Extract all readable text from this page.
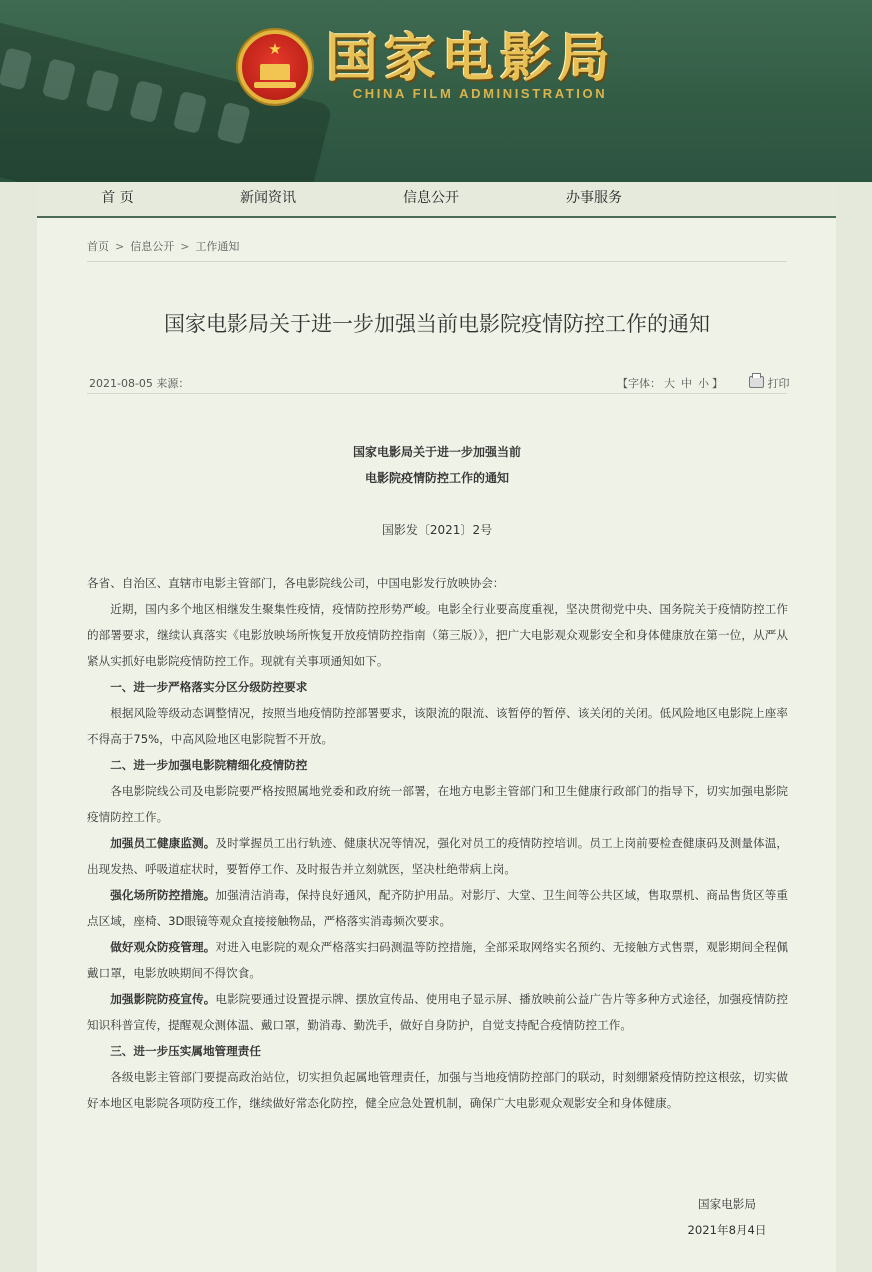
★ 国家电影局
CHINA FILM ADMINISTRATION
首 页	新闻资讯	信息公开	办事服务
首页 > 信息公开 > 工作通知
国家电影局关于进一步加强当前电影院疫情防控工作的通知
2021-08-05 来源：	【字体： 大 中 小 】	打印
国家电影局关于进一步加强当前
电影院疫情防控工作的通知
国影发〔2021〕2号

各省、自治区、直辖市电影主管部门，各电影院线公司，中国电影发行放映协会：

近期，国内多个地区相继发生聚集性疫情，疫情防控形势严峻。电影全行业要高度重视，坚决贯彻党中央、国务院关于疫情防控工作的部署要求，继续认真落实《电影放映场所恢复开放疫情防控指南（第三版）》，把广大电影观众观影安全和身体健康放在第一位，从严从紧从实抓好电影院疫情防控工作。现就有关事项通知如下。

一、进一步严格落实分区分级防控要求

根据风险等级动态调整情况，按照当地疫情防控部署要求，该限流的限流、该暂停的暂停、该关闭的关闭。低风险地区电影院上座率不得高于75%，中高风险地区电影院暂不开放。

二、进一步加强电影院精细化疫情防控

各电影院线公司及电影院要严格按照属地党委和政府统一部署，在地方电影主管部门和卫生健康行政部门的指导下，切实加强电影院疫情防控工作。

加强员工健康监测。及时掌握员工出行轨迹、健康状况等情况，强化对员工的疫情防控培训。员工上岗前要检查健康码及测量体温，出现发热、呼吸道症状时，要暂停工作、及时报告并立刻就医，坚决杜绝带病上岗。

强化场所防控措施。加强清洁消毒，保持良好通风，配齐防护用品。对影厅、大堂、卫生间等公共区域，售取票机、商品售货区等重点区域，座椅、3D眼镜等观众直接接触物品，严格落实消毒频次要求。

做好观众防疫管理。对进入电影院的观众严格落实扫码测温等防控措施，全部采取网络实名预约、无接触方式售票，观影期间全程佩戴口罩，电影放映期间不得饮食。

加强影院防疫宣传。电影院要通过设置提示牌、摆放宣传品、使用电子显示屏、播放映前公益广告片等多种方式途径，加强疫情防控知识科普宣传，提醒观众测体温、戴口罩，勤消毒、勤洗手，做好自身防护，自觉支持配合疫情防控工作。

三、进一步压实属地管理责任

各级电影主管部门要提高政治站位，切实担负起属地管理责任，加强与当地疫情防控部门的联动，时刻绷紧疫情防控这根弦，切实做好本地区电影院各项防疫工作，继续做好常态化防控，健全应急处置机制，确保广大电影观众观影安全和身体健康。

国家电影局
2021年8月4日
